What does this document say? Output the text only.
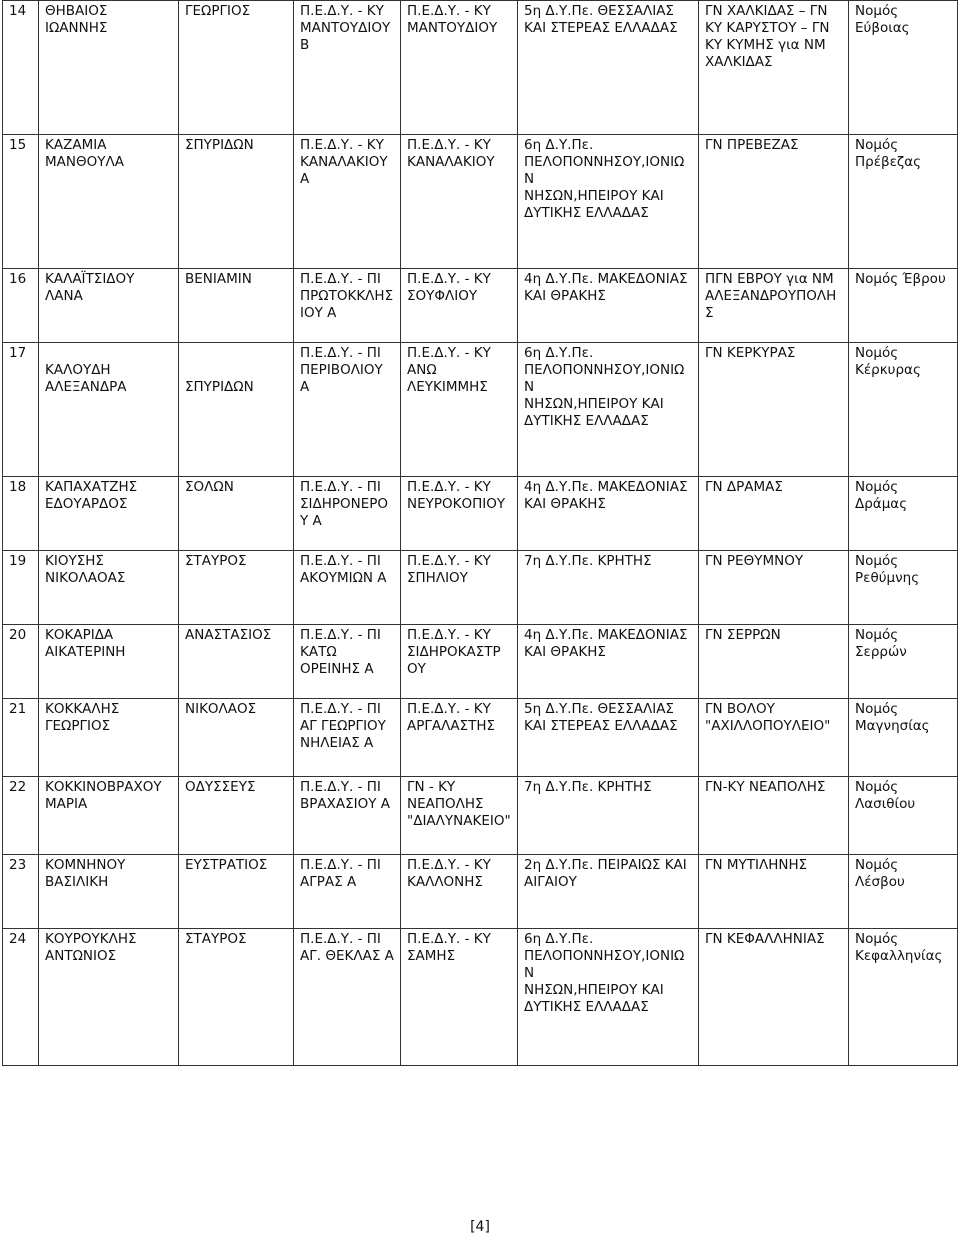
14	ΘΗΒΑΙΟΣ ΙΩΑΝΝΗΣ	ΓΕΩΡΓΙΟΣ	Π.Ε.Δ.Υ. - ΚΥ
ΜΑΝΤΟΥΔΙΟΥ
Β	Π.Ε.Δ.Υ. - ΚΥ
ΜΑΝΤΟΥΔΙΟΥ	5η Δ.Υ.Πε. ΘΕΣΣΑΛΙΑΣ
ΚΑΙ ΣΤΕΡΕΑΣ ΕΛΛΑΔΑΣ	ΓΝ ΧΑΛΚΙΔΑΣ – ΓΝ
ΚΥ ΚΑΡΥΣΤΟΥ – ΓΝ
ΚΥ ΚΥΜΗΣ για ΝΜ
ΧΑΛΚΙΔΑΣ	Νομός
Εύβοιας

15	ΚΑΖΑΜΙΑ
ΜΑΝΘΟΥΛΑ	ΣΠΥΡΙΔΩΝ	Π.Ε.Δ.Υ. - ΚΥ
ΚΑΝΑΛΑΚΙΟΥ
Α	Π.Ε.Δ.Υ. - ΚΥ
ΚΑΝΑΛΑΚΙΟΥ	6η Δ.Υ.Πε.
ΠΕΛΟΠΟΝΝΗΣΟΥ,ΙΟΝΙΩΝ
ΝΗΣΩΝ,ΗΠΕΙΡΟΥ ΚΑΙ
ΔΥΤΙΚΗΣ ΕΛΛΑΔΑΣ	ΓΝ ΠΡΕΒΕΖΑΣ	Νομός
Πρέβεζας

16	ΚΑΛΑΪΤΣΙΔΟΥ
ΛΑΝΑ	ΒΕΝΙΑΜΙΝ	Π.Ε.Δ.Υ. - ΠΙ
ΠΡΩΤΟΚΚΛΗΣ
ΙΟΥ Α	Π.Ε.Δ.Υ. - ΚΥ
ΣΟΥΦΛΙΟΥ	4η Δ.Υ.Πε. ΜΑΚΕΔΟΝΙΑΣ
ΚΑΙ ΘΡΑΚΗΣ	ΠΓΝ ΕΒΡΟΥ για ΝΜ
ΑΛΕΞΑΝΔΡΟΥΠΟΛΗΣ	Νομός Έβρου

17	ΚΑΛΟΥΔΗ
ΑΛΕΞΑΝΔΡΑ	ΣΠΥΡΙΔΩΝ	Π.Ε.Δ.Υ. - ΠΙ
ΠΕΡΙΒΟΛΙΟΥ
Α	Π.Ε.Δ.Υ. - ΚΥ
ΑΝΩ ΛΕΥΚΙΜΜΗΣ	6η Δ.Υ.Πε.
ΠΕΛΟΠΟΝΝΗΣΟΥ,ΙΟΝΙΩΝ
ΝΗΣΩΝ,ΗΠΕΙΡΟΥ ΚΑΙ
ΔΥΤΙΚΗΣ ΕΛΛΑΔΑΣ	ΓΝ ΚΕΡΚΥΡΑΣ	Νομός
Κέρκυρας

18	ΚΑΠΑΧΑΤΖΗΣ
ΕΔΟΥΑΡΔΟΣ	ΣΟΛΩΝ	Π.Ε.Δ.Υ. - ΠΙ
ΣΙΔΗΡΟΝΕΡΟ
Υ Α	Π.Ε.Δ.Υ. - ΚΥ
ΝΕΥΡΟΚΟΠΙΟΥ	4η Δ.Υ.Πε. ΜΑΚΕΔΟΝΙΑΣ
ΚΑΙ ΘΡΑΚΗΣ	ΓΝ ΔΡΑΜΑΣ	Νομός Δράμας

19	ΚΙΟΥΣΗΣ
ΝΙΚΟΛΑΟΑΣ	ΣΤΑΥΡΟΣ	Π.Ε.Δ.Υ. - ΠΙ
ΑΚΟΥΜΙΩΝ Α	Π.Ε.Δ.Υ. - ΚΥ
ΣΠΗΛΙΟΥ	7η Δ.Υ.Πε. ΚΡΗΤΗΣ	ΓΝ ΡΕΘΥΜΝΟΥ	Νομός
Ρεθύμνης

20	ΚΟΚΑΡΙΔΑ
ΑΙΚΑΤΕΡΙΝΗ	ΑΝΑΣΤΑΣΙΟΣ	Π.Ε.Δ.Υ. - ΠΙ
ΚΑΤΩ
ΟΡΕΙΝΗΣ Α	Π.Ε.Δ.Υ. - ΚΥ
ΣΙΔΗΡΟΚΑΣΤΡΟΥ	4η Δ.Υ.Πε. ΜΑΚΕΔΟΝΙΑΣ
ΚΑΙ ΘΡΑΚΗΣ	ΓΝ ΣΕΡΡΩΝ	Νομός
Σερρών

21	ΚΟΚΚΑΛΗΣ
ΓΕΩΡΓΙΟΣ	ΝΙΚΟΛΑΟΣ	Π.Ε.Δ.Υ. - ΠΙ
ΑΓ ΓΕΩΡΓΙΟΥ
ΝΗΛΕΙΑΣ Α	Π.Ε.Δ.Υ. - ΚΥ
ΑΡΓΑΛΑΣΤΗΣ	5η Δ.Υ.Πε. ΘΕΣΣΑΛΙΑΣ
ΚΑΙ ΣΤΕΡΕΑΣ ΕΛΛΑΔΑΣ	ΓΝ ΒΟΛΟΥ
"ΑΧΙΛΛΟΠΟΥΛΕΙΟ"	Νομός
Μαγνησίας

22	ΚΟΚΚΙΝΟΒΡΑΧΟΥ
ΜΑΡΙΑ	ΟΔΥΣΣΕΥΣ	Π.Ε.Δ.Υ. - ΠΙ
ΒΡΑΧΑΣΙΟΥ Α	ΓΝ - ΚΥ
ΝΕΑΠΟΛΗΣ
"ΔΙΑΛΥΝΑΚΕΙΟ"	7η Δ.Υ.Πε. ΚΡΗΤΗΣ	ΓΝ-ΚΥ ΝΕΑΠΟΛΗΣ	Νομός
Λασιθίου

23	ΚΟΜΝΗΝΟΥ
ΒΑΣΙΛΙΚΗ	ΕΥΣΤΡΑΤΙΟΣ	Π.Ε.Δ.Υ. - ΠΙ
ΑΓΡΑΣ Α	Π.Ε.Δ.Υ. - ΚΥ
ΚΑΛΛΟΝΗΣ	2η Δ.Υ.Πε. ΠΕΙΡΑΙΩΣ ΚΑΙ
ΑΙΓΑΙΟΥ	ΓΝ ΜΥΤΙΛΗΝΗΣ	Νομός Λέσβου

24	ΚΟΥΡΟΥΚΛΗΣ
ΑΝΤΩΝΙΟΣ	ΣΤΑΥΡΟΣ	Π.Ε.Δ.Υ. - ΠΙ
ΑΓ. ΘΕΚΛΑΣ Α	Π.Ε.Δ.Υ. - ΚΥ
ΣΑΜΗΣ	6η Δ.Υ.Πε.
ΠΕΛΟΠΟΝΝΗΣΟΥ,ΙΟΝΙΩΝ
ΝΗΣΩΝ,ΗΠΕΙΡΟΥ ΚΑΙ
ΔΥΤΙΚΗΣ ΕΛΛΑΔΑΣ	ΓΝ ΚΕΦΑΛΛΗΝΙΑΣ	Νομός
Κεφαλληνίας
[4]
